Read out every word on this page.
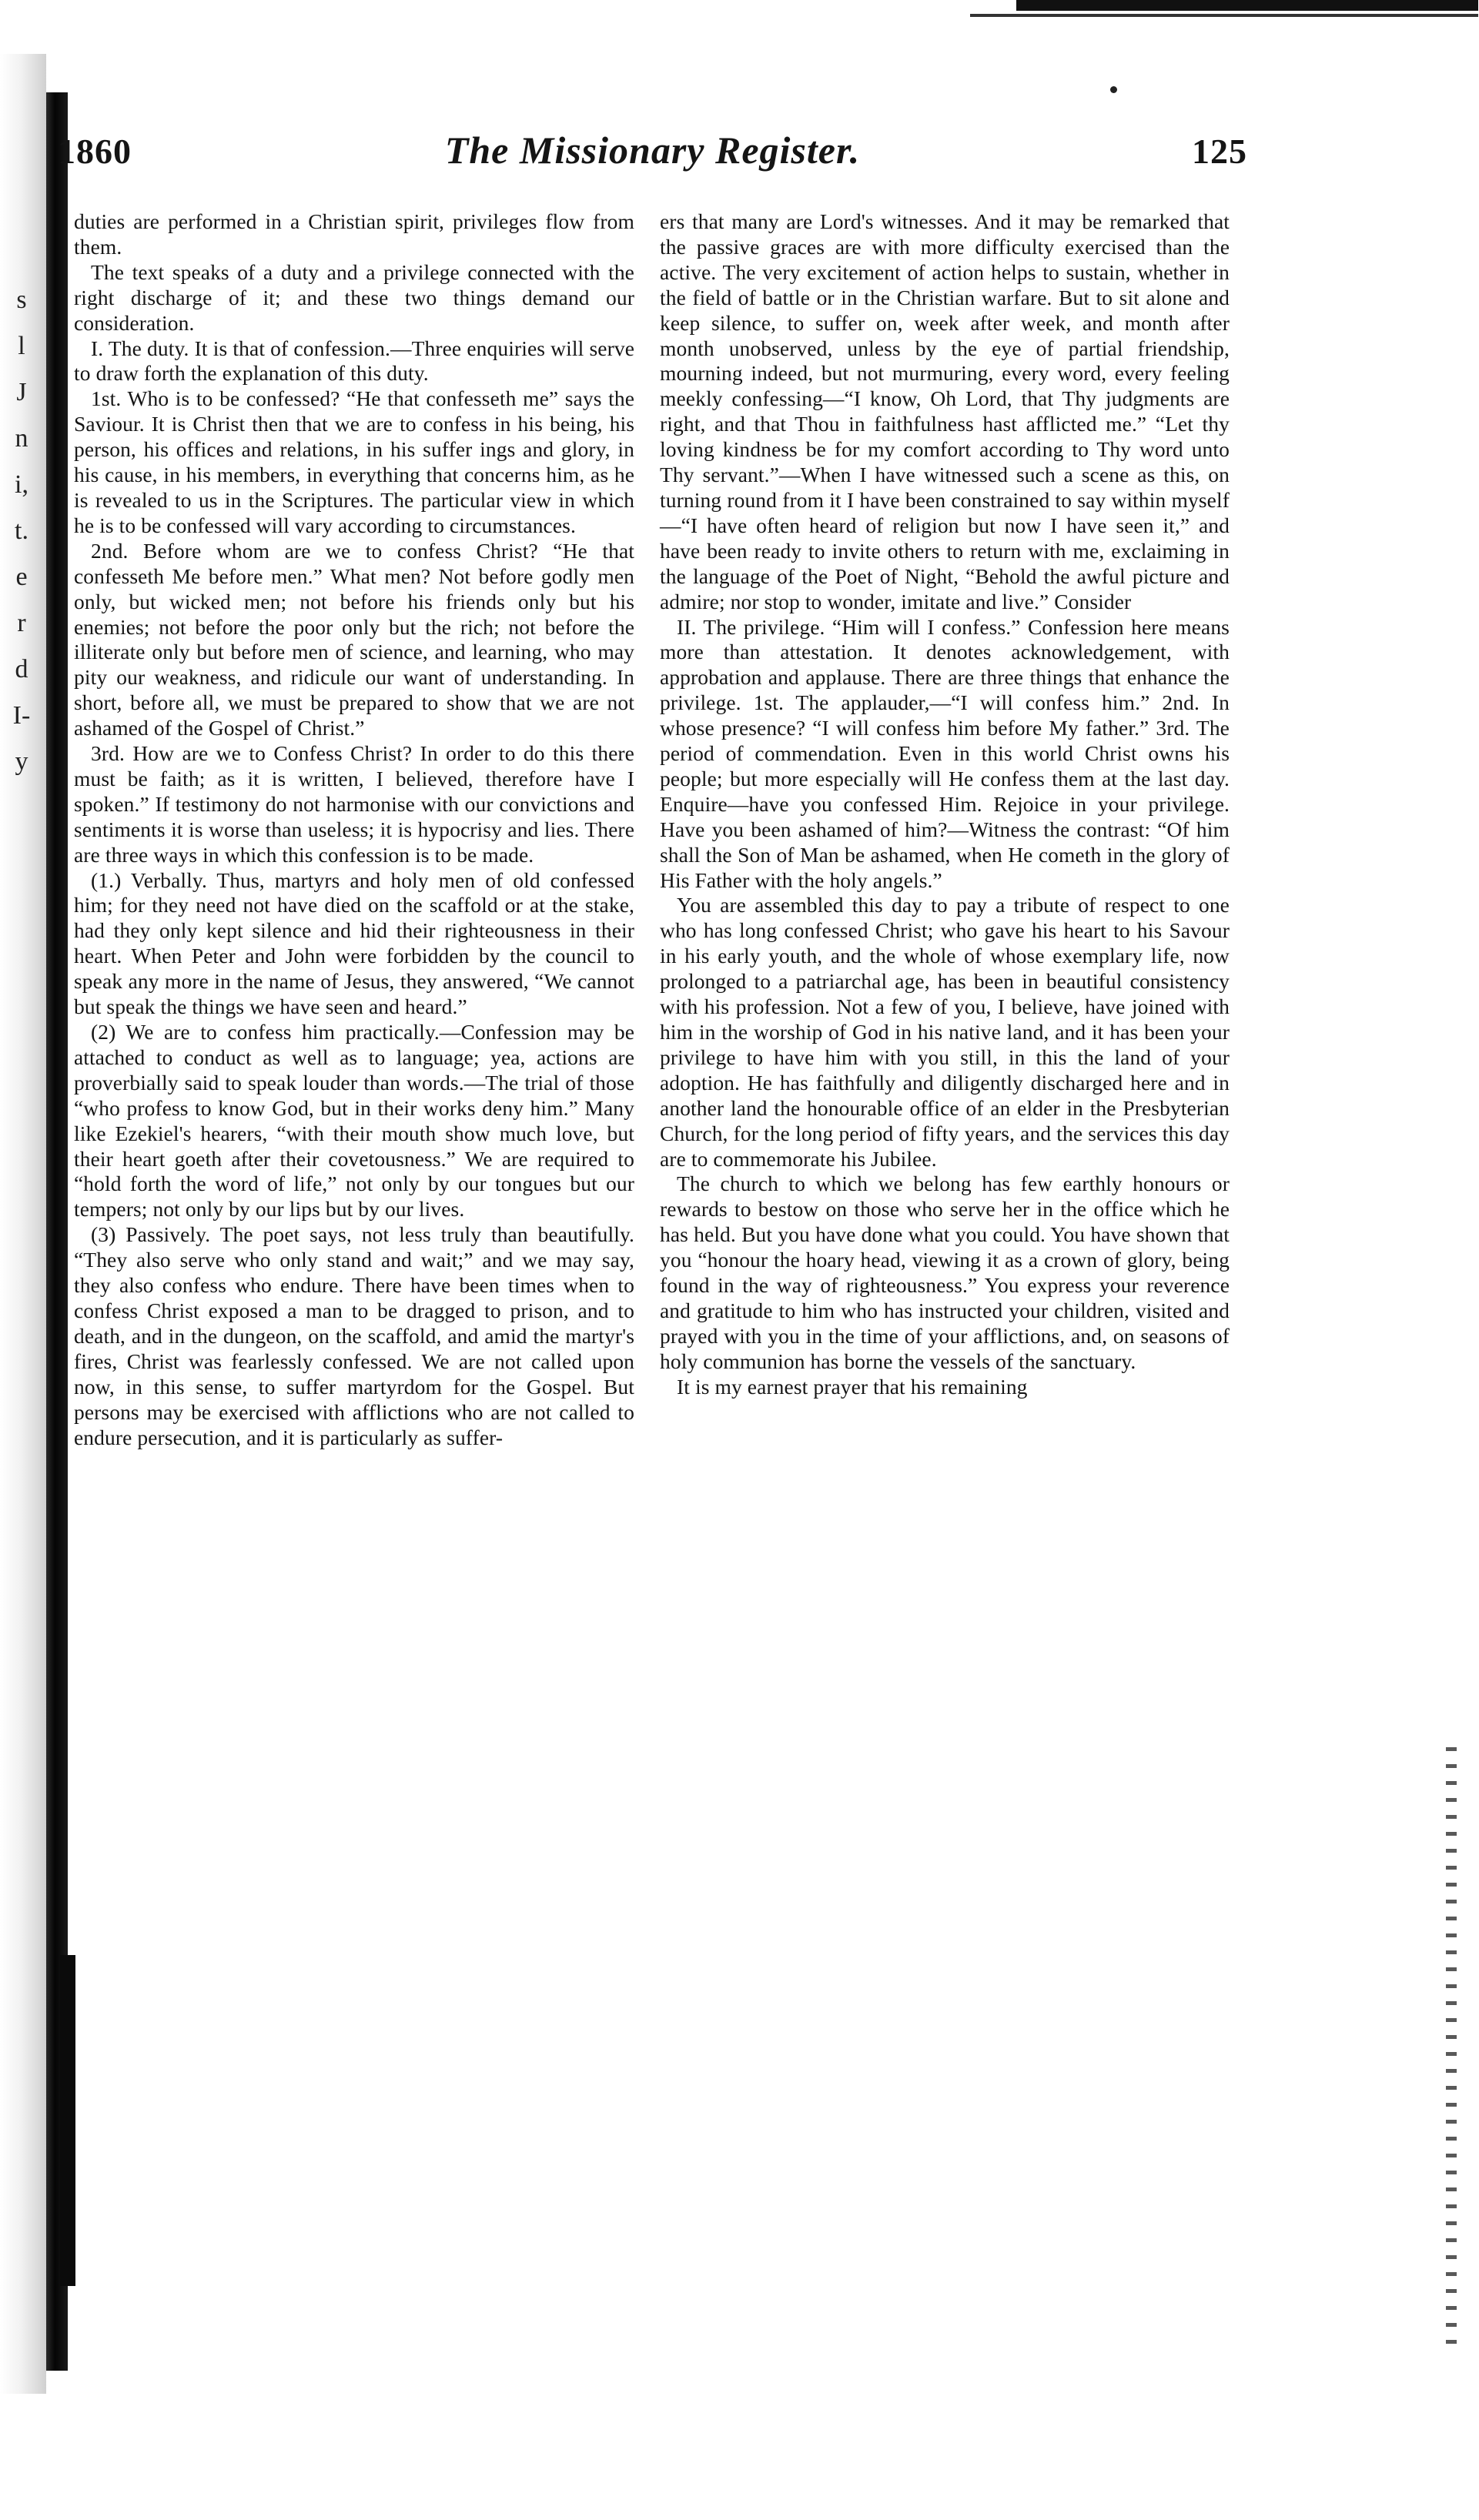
s
l
J
n
i,
t.
e
r
d
I-
y
1860	The Missionary Register.	125

duties are performed in a Christian spirit, privileges flow from them.

The text speaks of a duty and a privilege connected with the right discharge of it; and these two things demand our consideration.

I. The duty. It is that of confession.—Three enquiries will serve to draw forth the explanation of this duty.

1st. Who is to be confessed? “He that confesseth me” says the Saviour. It is Christ then that we are to confess in his being, his person, his offices and relations, in his suffer ings and glory, in his cause, in his members, in everything that concerns him, as he is revealed to us in the Scriptures. The particular view in which he is to be confessed will vary according to circumstances.

2nd. Before whom are we to confess Christ? “He that confesseth Me before men.” What men? Not before godly men only, but wicked men; not before his friends only but his enemies; not before the poor only but the rich; not before the illiterate only but before men of science, and learning, who may pity our weakness, and ridicule our want of understanding. In short, before all, we must be prepared to show that we are not ashamed of the Gospel of Christ.”

3rd. How are we to Confess Christ? In order to do this there must be faith; as it is written, I believed, therefore have I spoken.” If testimony do not harmonise with our convictions and sentiments it is worse than useless; it is hypocrisy and lies. There are three ways in which this confession is to be made.

(1.) Verbally. Thus, martyrs and holy men of old confessed him; for they need not have died on the scaffold or at the stake, had they only kept silence and hid their righteousness in their heart. When Peter and John were forbidden by the council to speak any more in the name of Jesus, they answered, “We cannot but speak the things we have seen and heard.”

(2) We are to confess him practically.—Confession may be attached to conduct as well as to language; yea, actions are proverbially said to speak louder than words.—The trial of those “who profess to know God, but in their works deny him.” Many like Ezekiel's hearers, “with their mouth show much love, but their heart goeth after their covetousness.” We are required to “hold forth the word of life,” not only by our tongues but our tempers; not only by our lips but by our lives.

(3) Passively. The poet says, not less truly than beautifully. “They also serve who only stand and wait;” and we may say, they also confess who endure. There have been times when to confess Christ exposed a man to be dragged to prison, and to death, and in the dungeon, on the scaffold, and amid the martyr's fires, Christ was fearlessly confessed. We are not called upon now, in this sense, to suffer martyrdom for the Gospel. But persons may be exercised with afflictions who are not called to endure persecution, and it is particularly as suffer-

ers that many are Lord's witnesses. And it may be remarked that the passive graces are with more difficulty exercised than the active. The very excitement of action helps to sustain, whether in the field of battle or in the Christian warfare. But to sit alone and keep silence, to suffer on, week after week, and month after month unobserved, unless by the eye of partial friendship, mourning indeed, but not murmuring, every word, every feeling meekly confessing—“I know, Oh Lord, that Thy judgments are right, and that Thou in faithfulness hast afflicted me.” “Let thy loving kindness be for my comfort according to Thy word unto Thy servant.”—When I have witnessed such a scene as this, on turning round from it I have been constrained to say within myself —“I have often heard of religion but now I have seen it,” and have been ready to invite others to return with me, exclaiming in the language of the Poet of Night, “Behold the awful picture and admire; nor stop to wonder, imitate and live.” Consider

II. The privilege. “Him will I confess.” Confession here means more than attestation. It denotes acknowledgement, with approbation and applause. There are three things that enhance the privilege. 1st. The applauder,—“I will confess him.” 2nd. In whose presence? “I will confess him before My father.” 3rd. The period of commendation. Even in this world Christ owns his people; but more especially will He confess them at the last day. Enquire—have you confessed Him. Rejoice in your privilege. Have you been ashamed of him?—Witness the contrast: “Of him shall the Son of Man be ashamed, when He cometh in the glory of His Father with the holy angels.”

You are assembled this day to pay a tribute of respect to one who has long confessed Christ; who gave his heart to his Savour in his early youth, and the whole of whose exemplary life, now prolonged to a patriarchal age, has been in beautiful consistency with his profession. Not a few of you, I believe, have joined with him in the worship of God in his native land, and it has been your privilege to have him with you still, in this the land of your adoption. He has faithfully and diligently discharged here and in another land the honourable office of an elder in the Presbyterian Church, for the long period of fifty years, and the services this day are to commemorate his Jubilee.

The church to which we belong has few earthly honours or rewards to bestow on those who serve her in the office which he has held. But you have done what you could. You have shown that you “honour the hoary head, viewing it as a crown of glory, being found in the way of righteousness.” You express your reverence and gratitude to him who has instructed your children, visited and prayed with you in the time of your afflictions, and, on seasons of holy communion has borne the vessels of the sanctuary.

It is my earnest prayer that his remaining
